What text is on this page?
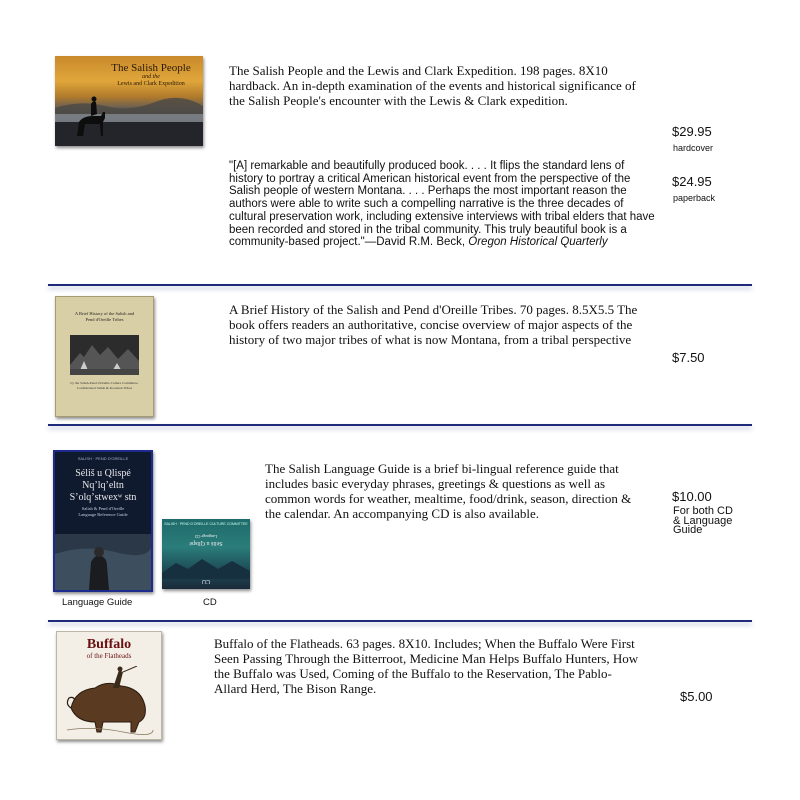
The Salish People
and the
Lewis and Clark Expedition
The Salish People and the Lewis and Clark Expedition. 198 pages. 8X10 hardback. An in-depth examination of the events and historical significance of the Salish People's encounter with the Lewis & Clark expedition.
"[A] remarkable and beautifully produced book. . . . It flips the standard lens of history to portray a critical American historical event from the perspective of the Salish people of western Montana. . . . Perhaps the most important reason the authors were able to write such a compelling narrative is the three decades of cultural preservation work, including extensive interviews with tribal elders that have been recorded and stored in the tribal community. This truly beautiful book is a community-based project."—David R.M. Beck, Oregon Historical Quarterly
$29.95
hardcover
$24.95
paperback
A Brief History of the Salish and Pend d'Oreille Tribes
by the Salish-Pend d'Oreille Culture Committee, Confederated Salish & Kootenai Tribes
A Brief History of the Salish and Pend d'Oreille Tribes. 70 pages. 8.5X5.5 The book offers readers an authoritative, concise overview of major aspects of the history of two major tribes of what is now Montana, from a tribal perspective
$7.50
SALISH · PEND D'OREILLE
Séliš u Qlispé
Nqʼlqʼeltn
Sʼolqʼstwexʷ stn
Salish & Pend d'Oreille
Language Reference Guide
SALISH · PEND D'OREILLE CULTURE COMMITTEE
Séliš u Qlispé
Language CD
CD
Language Guide	CD
The Salish Language Guide is a brief bi-lingual reference guide that includes basic everyday phrases, greetings & questions as well as common words for weather, mealtime, food/drink, season, direction & the calendar. An accompanying CD is also available.
$10.00
For both CD & Language Guide
Buffalo
of the Flatheads
Buffalo of the Flatheads. 63 pages. 8X10. Includes; When the Buffalo Were First Seen Passing Through the Bitterroot, Medicine Man Helps Buffalo Hunters, How the Buffalo was Used, Coming of the Buffalo to the Reservation, The Pablo-Allard Herd, The Bison Range.
$5.00
